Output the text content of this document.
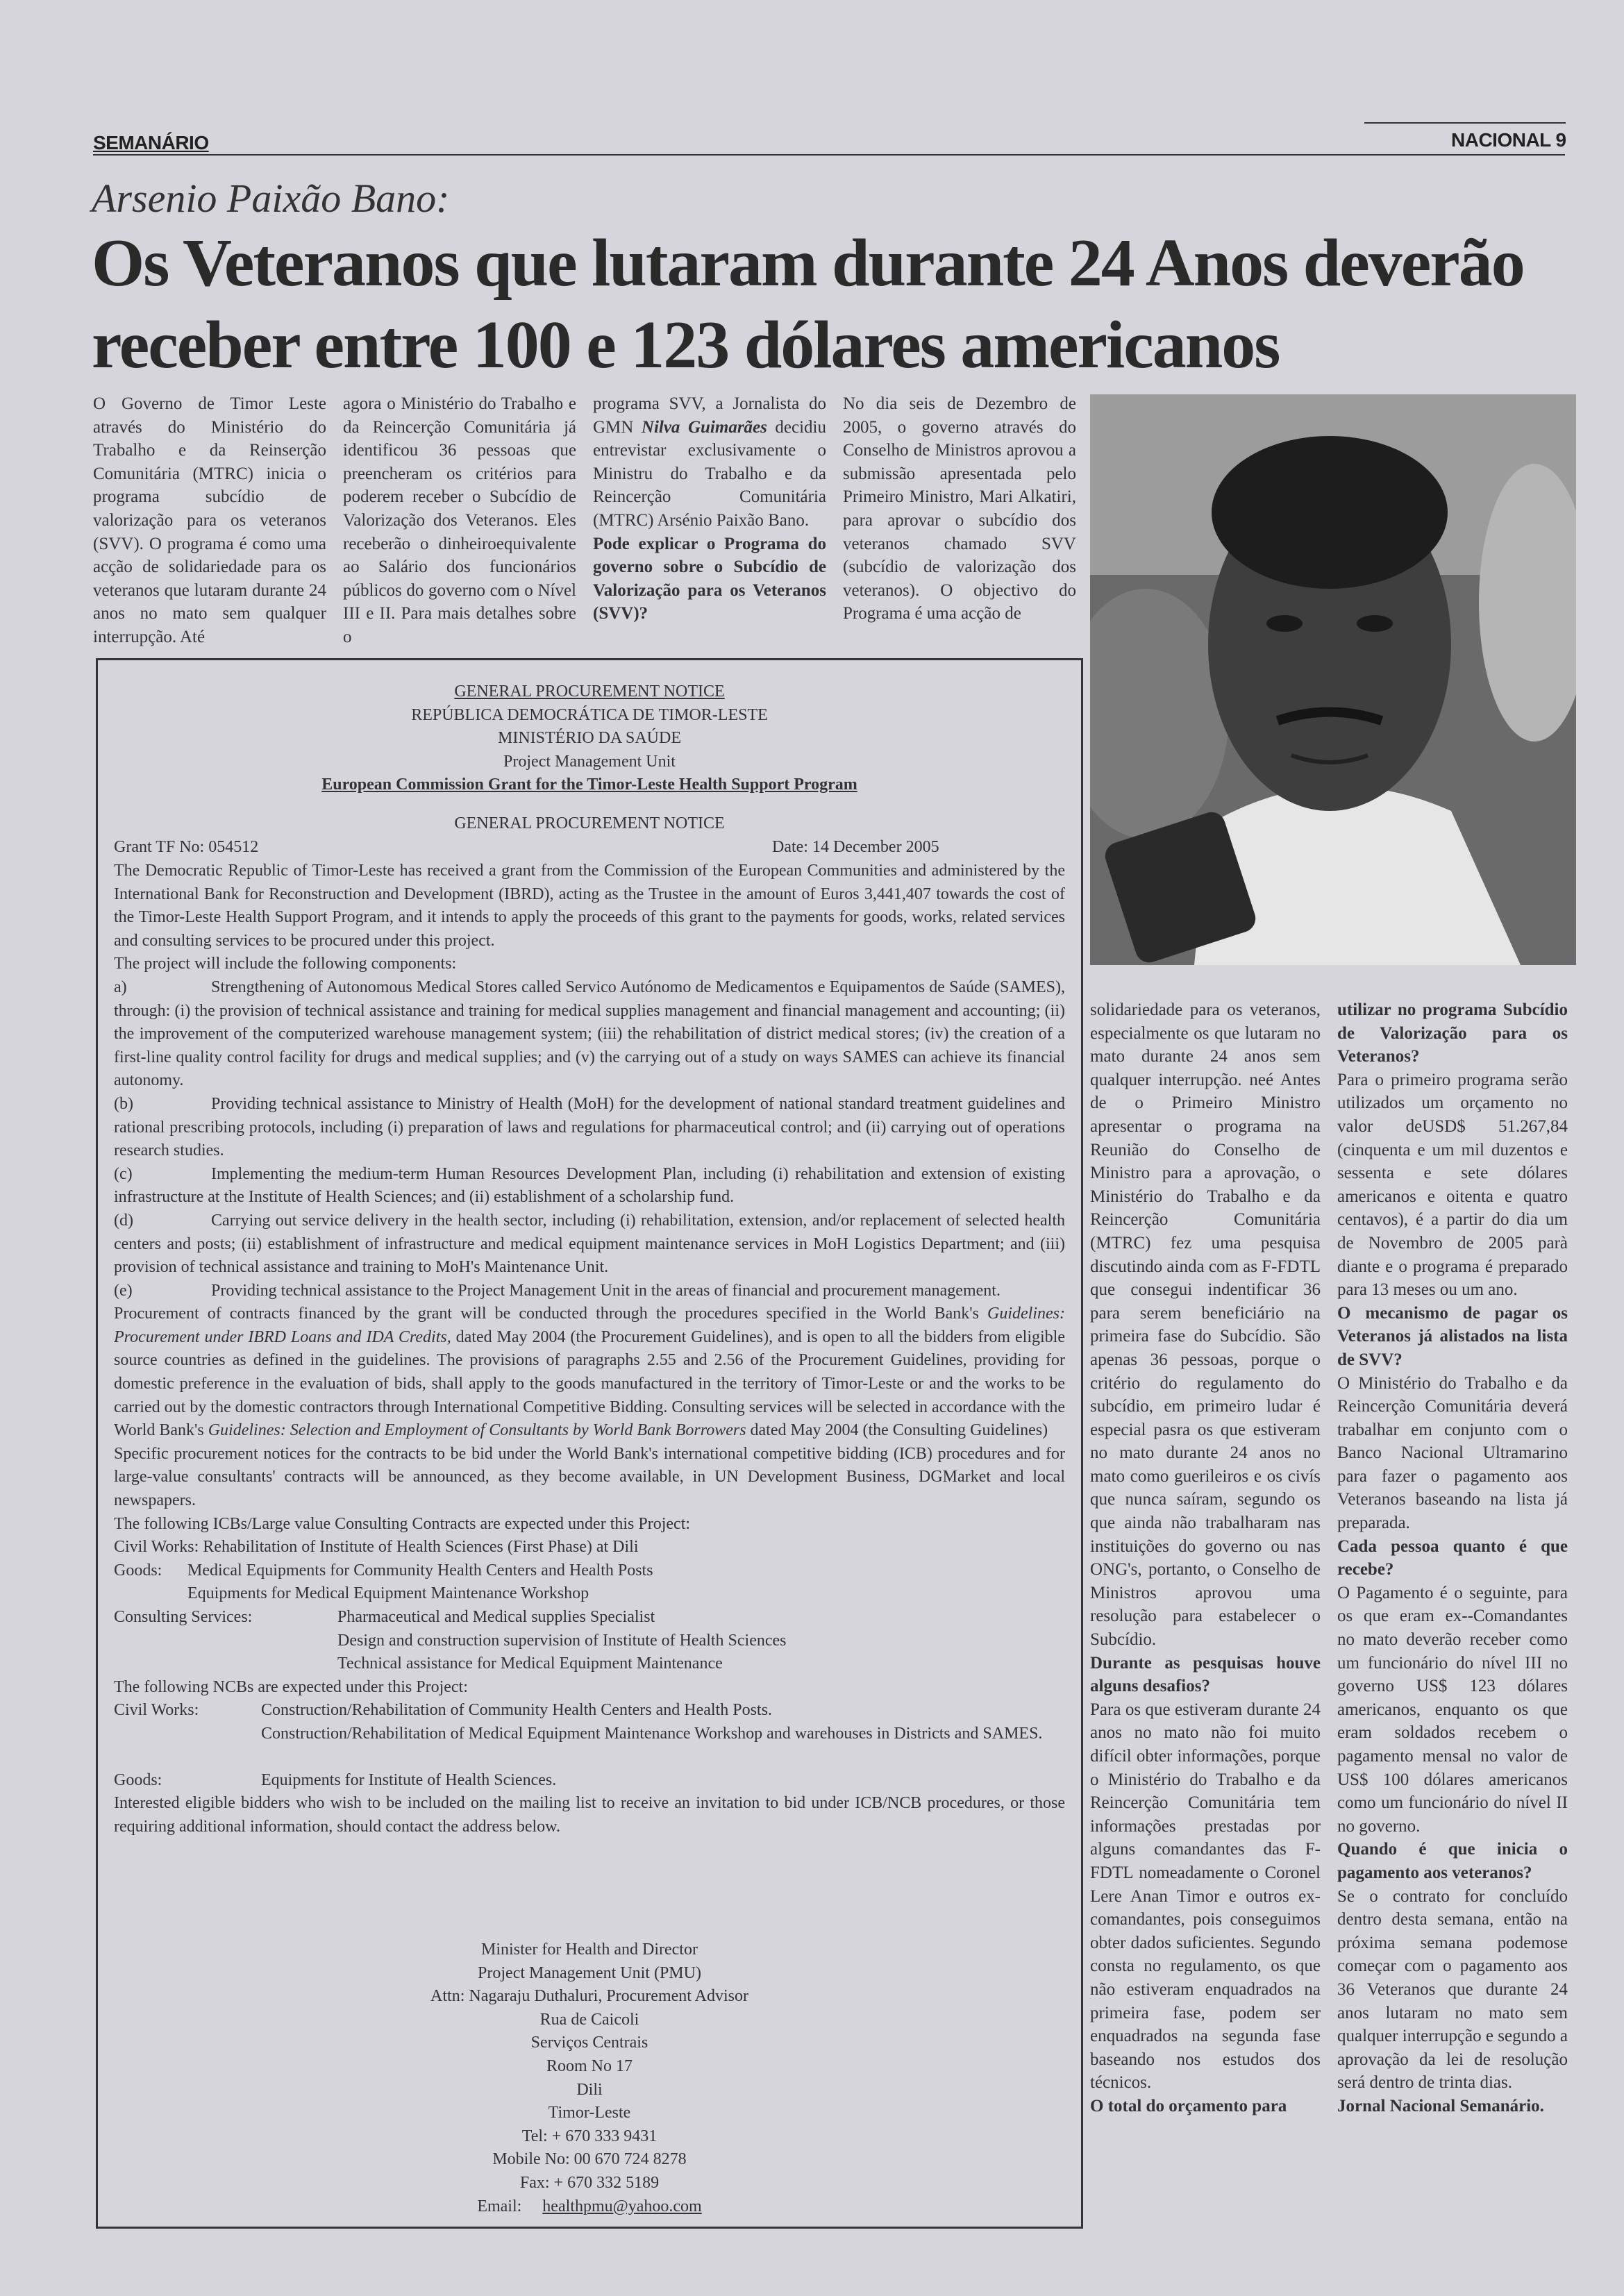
SEMANÁRIO	NACIONAL 9
Arsenio Paixão Bano:
Os Veteranos que lutaram durante 24 Anos deverão receber entre 100 e 123 dólares americanos

O Governo de Timor Leste através do Ministério do Trabalho e da Reinserção Comunitária (MTRC) inicia o programa subcídio de valorização para os veteranos (SVV). O programa é como uma acção de solidariedade para os veteranos que lutaram durante 24 anos no mato sem qualquer interrupção. Até

agora o Ministério do Trabalho e da Reincerção Comunitária já identificou 36 pessoas que preencheram os critérios para poderem receber o Subcídio de Valorização dos Veteranos. Eles receberão o dinheiroequivalente ao Salário dos funcionários públicos do governo com o Nível III e II. Para mais detalhes sobre o

programa SVV, a Jornalista do GMN Nilva Guimarães decidiu entrevistar exclusivamente o Ministru do Trabalho e da Reincerção Comunitária (MTRC) Arsénio Paixão Bano.

Pode explicar o Programa do governo sobre o Subcídio de Valorização para os Veteranos (SVV)?

No dia seis de Dezembro de 2005, o governo através do Conselho de Ministros aprovou a submissão apresentada pelo Primeiro Ministro, Mari Alkatiri, para aprovar o subcídio dos veteranos chamado SVV (subcídio de valorização dos veteranos). O objectivo do Programa é uma acção de

solidariedade para os veteranos, especialmente os que lutaram no mato durante 24 anos sem qualquer interrupção. neé Antes de o Primeiro Ministro apresentar o programa na Reunião do Conselho de Ministro para a aprovação, o Ministério do Trabalho e da Reincerção Comunitária (MTRC) fez uma pesquisa discutindo ainda com as F-FDTL que consegui indentificar 36 para serem beneficiário na primeira fase do Subcídio. São apenas 36 pessoas, porque o critério do regulamento do subcídio, em primeiro ludar é especial pasra os que estiveram no mato durante 24 anos no mato como guerileiros e os civís que nunca saíram, segundo os que ainda não trabalharam nas instituições do governo ou nas ONG's, portanto, o Conselho de Ministros aprovou uma resolução para estabelecer o Subcídio.

Durante as pesquisas houve alguns desafios?

Para os que estiveram durante 24 anos no mato não foi muito difícil obter informações, porque o Ministério do Trabalho e da Reincerção Comunitária tem informações prestadas por alguns comandantes das F-FDTL nomeadamente o Coronel Lere Anan Timor e outros ex-comandantes, pois conseguimos obter dados suficientes. Segundo consta no regulamento, os que não estiveram enquadrados na primeira fase, podem ser enquadrados na segunda fase baseando nos estudos dos técnicos.

O total do orçamento para

utilizar no programa Subcídio de Valorização para os Veteranos?

Para o primeiro programa serão utilizados um orçamento no valor deUSD$ 51.267,84 (cinquenta e um mil duzentos e sessenta e sete dólares americanos e oitenta e quatro centavos), é a partir do dia um de Novembro de 2005 parà diante e o programa é preparado para 13 meses ou um ano.

O mecanismo de pagar os Veteranos já alistados na lista de SVV?

O Ministério do Trabalho e da Reincerção Comunitária deverá trabalhar em conjunto com o Banco Nacional Ultramarino para fazer o pagamento aos Veteranos baseando na lista já preparada.

Cada pessoa quanto é que recebe?

O Pagamento é o seguinte, para os que eram ex--Comandantes no mato deverão receber como um funcionário do nível III no governo US$ 123 dólares americanos, enquanto os que eram soldados recebem o pagamento mensal no valor de US$ 100 dólares americanos como um funcionário do nível II no governo.

Quando é que inicia o pagamento aos veteranos?

Se o contrato for concluído dentro desta semana, então na próxima semana podemose começar com o pagamento aos 36 Veteranos que durante 24 anos lutaram no mato sem qualquer interrupção e segundo a aprovação da lei de resolução será dentro de trinta dias.

Jornal Nacional Semanário.

GENERAL PROCUREMENT NOTICE

REPÚBLICA DEMOCRÁTICA DE TIMOR-LESTE

MINISTÉRIO DA SAÚDE

Project Management Unit

European Commission Grant for the Timor-Leste Health Support Program

GENERAL PROCUREMENT NOTICE
Grant TF No: 054512	Date: 14 December 2005

The Democratic Republic of Timor-Leste has received a grant from the Commission of the European Communities and administered by the International Bank for Reconstruction and Development (IBRD), acting as the Trustee in the amount of Euros 3,441,407 towards the cost of the Timor-Leste Health Support Program, and it intends to apply the proceeds of this grant to the payments for goods, works, related services and consulting services to be procured under this project.

The project will include the following components:

a)	Strengthening of Autonomous Medical Stores called Servico Autónomo de Medicamentos e Equipamentos de Saúde (SAMES), through: (i) the provision of technical assistance and training for medical supplies management and financial management and accounting; (ii) the improvement of the computerized warehouse management system; (iii) the rehabilitation of district medical stores; (iv) the creation of a first-line quality control facility for drugs and medical supplies; and (v) the carrying out of a study on ways SAMES can achieve its financial autonomy.

(b)	Providing technical assistance to Ministry of Health (MoH) for the development of national standard treatment guidelines and rational prescribing protocols, including (i) preparation of laws and regulations for pharmaceutical control; and (ii) carrying out of operations research studies.

(c)	Implementing the medium-term Human Resources Development Plan, including (i) rehabilitation and extension of existing infrastructure at the Institute of Health Sciences; and (ii) establishment of a scholarship fund.

(d)	Carrying out service delivery in the health sector, including (i) rehabilitation, extension, and/or replacement of selected health centers and posts; (ii) establishment of infrastructure and medical equipment maintenance services in MoH Logistics Department; and (iii) provision of technical assistance and training to MoH's Maintenance Unit.

(e)	Providing technical assistance to the Project Management Unit in the areas of financial and procurement management.

Procurement of contracts financed by the grant will be conducted through the procedures specified in the World Bank's Guidelines: Procurement under IBRD Loans and IDA Credits, dated May 2004 (the Procurement Guidelines), and is open to all the bidders from eligible source countries as defined in the guidelines. The provisions of paragraphs 2.55 and 2.56 of the Procurement Guidelines, providing for domestic preference in the evaluation of bids, shall apply to the goods manufactured in the territory of Timor-Leste or and the works to be carried out by the domestic contractors through International Competitive Bidding. Consulting services will be selected in accordance with the World Bank's Guidelines: Selection and Employment of Consultants by World Bank Borrowers dated May 2004 (the Consulting Guidelines)

Specific procurement notices for the contracts to be bid under the World Bank's international competitive bidding (ICB) procedures and for large-value consultants' contracts will be announced, as they become available, in UN Development Business, DGMarket and local newspapers.

The following ICBs/Large value Consulting Contracts are expected under this Project:

Civil Works: Rehabilitation of Institute of Health Sciences (First Phase) at Dili

Goods: Medical Equipments for Community Health Centers and Health Posts

Equipments for Medical Equipment Maintenance Workshop

Consulting Services:	Pharmaceutical and Medical supplies Specialist

Design and construction supervision of Institute of Health Sciences

Technical assistance for Medical Equipment Maintenance

The following NCBs are expected under this Project:

Civil Works:	Construction/Rehabilitation of Community Health Centers and Health Posts.

Construction/Rehabilitation of Medical Equipment Maintenance Workshop and warehouses in Districts and SAMES.

Goods:	Equipments for Institute of Health Sciences.

Interested eligible bidders who wish to be included on the mailing list to receive an invitation to bid under ICB/NCB procedures, or those requiring additional information, should contact the address below.

Minister for Health and Director

Project Management Unit (PMU)

Attn: Nagaraju Duthaluri, Procurement Advisor

Rua de Caicoli

Serviços Centrais

Room No 17

Dili

Timor-Leste

Tel: + 670 333 9431

Mobile No: 00 670 724 8278

Fax: + 670 332 5189

Email: healthpmu@yahoo.com
